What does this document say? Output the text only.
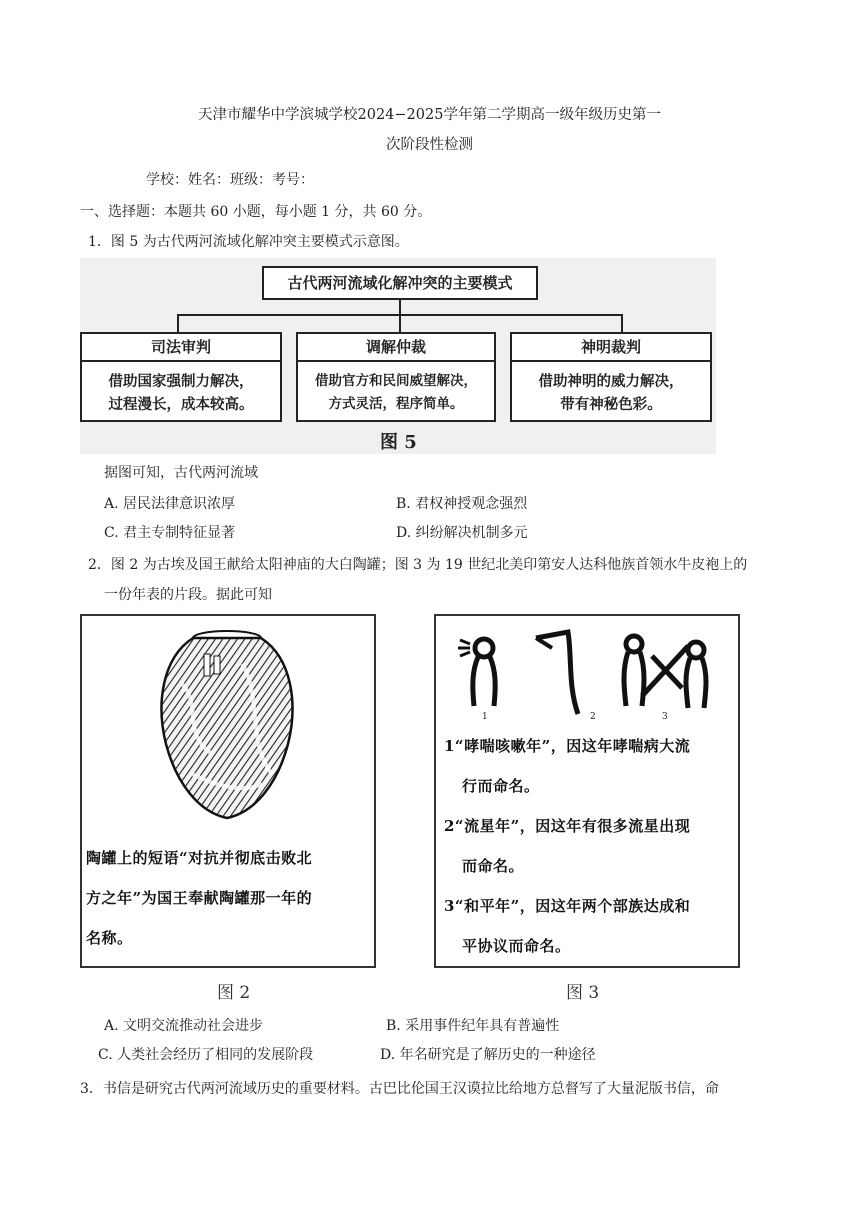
天津市耀华中学滨城学校2024−2025学年第二学期高一级年级历史第一
次阶段性检测
学校：姓名：班级：考号：
一、选择题：本题共 60 小题，每小题 1 分，共 60 分。
1．图 5 为古代两河流域化解冲突主要模式示意图。
古代两河流域化解冲突的主要模式
司法审判
借助国家强制力解决，
过程漫长，成本较高。
调解仲裁
借助官方和民间威望解决，
方式灵活，程序简单。
神明裁判
借助神明的威力解决，
带有神秘色彩。
图 5
据图可知，古代两河流域
A. 居民法律意识浓厚	B. 君权神授观念强烈
C. 君主专制特征显著	D. 纠纷解决机制多元
2．图 2 为古埃及国王献给太阳神庙的大白陶罐；图 3 为 19 世纪北美印第安人达科他族首领水牛皮袍上的
一份年表的片段。据此可知
陶罐上的短语“对抗并彻底击败北
方之年”为国王奉献陶罐那一年的
名称。
图 2
1	2	3
1“哮喘咳嗽年”，因这年哮喘病大流
行而命名。
2“流星年”，因这年有很多流星出现
而命名。
3“和平年”，因这年两个部族达成和
平协议而命名。
图 3
A. 文明交流推动社会进步	B. 采用事件纪年具有普遍性
C. 人类社会经历了相同的发展阶段	D. 年名研究是了解历史的一种途径
3．书信是研究古代两河流域历史的重要材料。古巴比伦国王汉谟拉比给地方总督写了大量泥版书信，命
